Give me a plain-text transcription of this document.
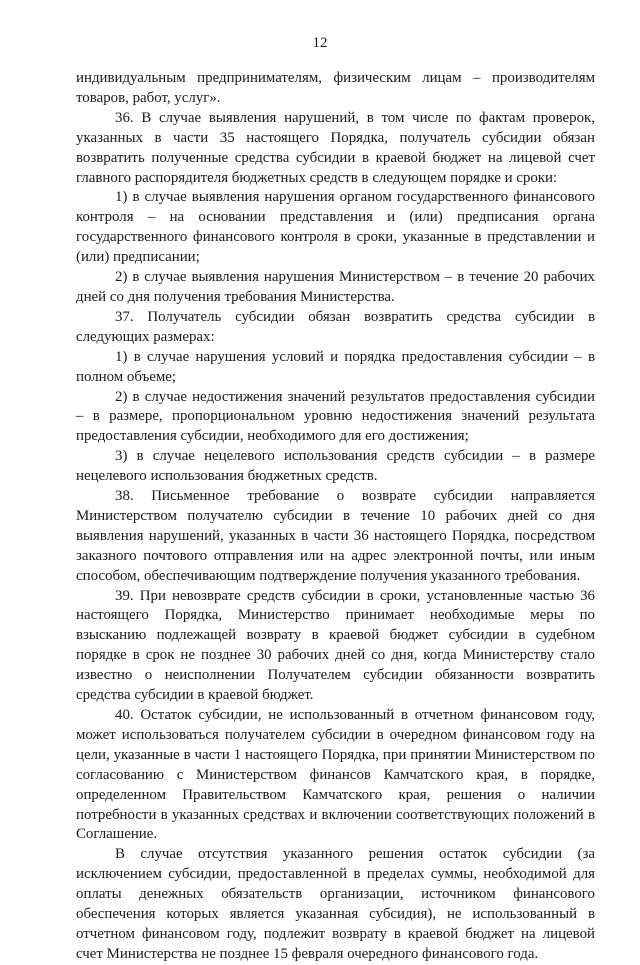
12

индивидуальным предпринимателям, физическим лицам – производителям товаров, работ, услуг».

36. В случае выявления нарушений, в том числе по фактам проверок, указанных в части 35 настоящего Порядка, получатель субсидии обязан возвратить полученные средства субсидии в краевой бюджет на лицевой счет главного распорядителя бюджетных средств в следующем порядке и сроки:

1) в случае выявления нарушения органом государственного финансового контроля – на основании представления и (или) предписания органа государственного финансового контроля в сроки, указанные в представлении и (или) предписании;

2) в случае выявления нарушения Министерством – в течение 20 рабочих дней со дня получения требования Министерства.

37. Получатель субсидии обязан возвратить средства субсидии в следующих размерах:

1) в случае нарушения условий и порядка предоставления субсидии – в полном объеме;

2) в случае недостижения значений результатов предоставления субсидии – в размере, пропорциональном уровню недостижения значений результата предоставления субсидии, необходимого для его достижения;

3) в случае нецелевого использования средств субсидии – в размере нецелевого использования бюджетных средств.

38. Письменное требование о возврате субсидии направляется Министерством получателю субсидии в течение 10 рабочих дней со дня выявления нарушений, указанных в части 36 настоящего Порядка, посредством заказного почтового отправления или на адрес электронной почты, или иным способом, обеспечивающим подтверждение получения указанного требования.

39. При невозврате средств субсидии в сроки, установленные частью 36 настоящего Порядка, Министерство принимает необходимые меры по взысканию подлежащей возврату в краевой бюджет субсидии в судебном порядке в срок не позднее 30 рабочих дней со дня, когда Министерству стало известно о неисполнении Получателем субсидии обязанности возвратить средства субсидии в краевой бюджет.

40. Остаток субсидии, не использованный в отчетном финансовом году, может использоваться получателем субсидии в очередном финансовом году на цели, указанные в части 1 настоящего Порядка, при принятии Министерством по согласованию с Министерством финансов Камчатского края, в порядке, определенном Правительством Камчатского края, решения о наличии потребности в указанных средствах и включении соответствующих положений в Соглашение.

В случае отсутствия указанного решения остаток субсидии (за исключением субсидии, предоставленной в пределах суммы, необходимой для оплаты денежных обязательств организации, источником финансового обеспечения которых является указанная субсидия), не использованный в отчетном финансовом году, подлежит возврату в краевой бюджет на лицевой счет Министерства не позднее 15 февраля очередного финансового года.
